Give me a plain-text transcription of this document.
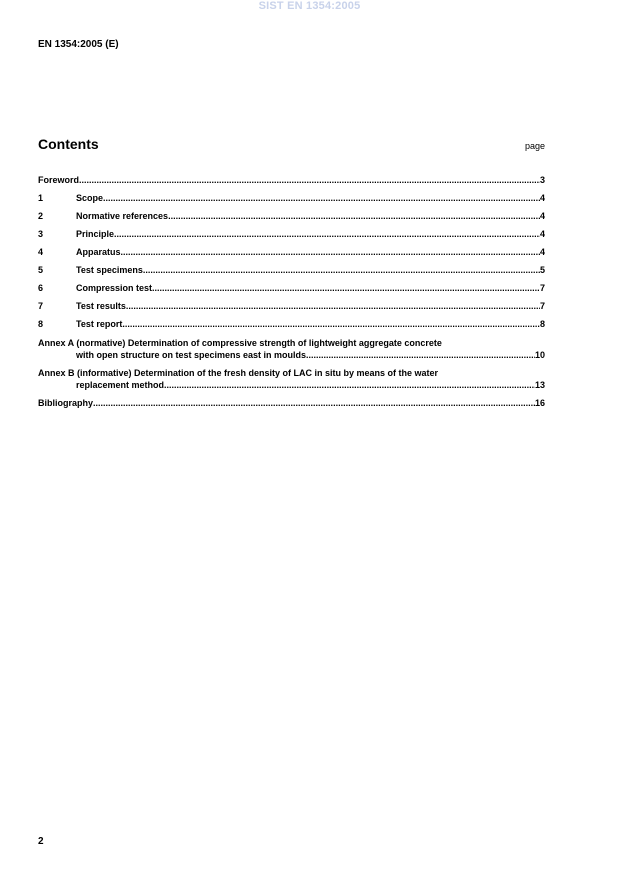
SIST EN 1354:2005
EN 1354:2005 (E)
Contents	page
Foreword .....	3
1	Scope .....	4
2	Normative references .....	4
3	Principle .....	4
4	Apparatus .....	4
5	Test specimens .....	5
6	Compression test .....	7
7	Test results .....	7
8	Test report .....	8
Annex A (normative) Determination of compressive strength of lightweight aggregate concrete
with open structure on test specimens east in moulds .....	10
Annex B (informative) Determination of the fresh density of LAC in situ by means of the water
replacement method .....	13
Bibliography .....	16
2
